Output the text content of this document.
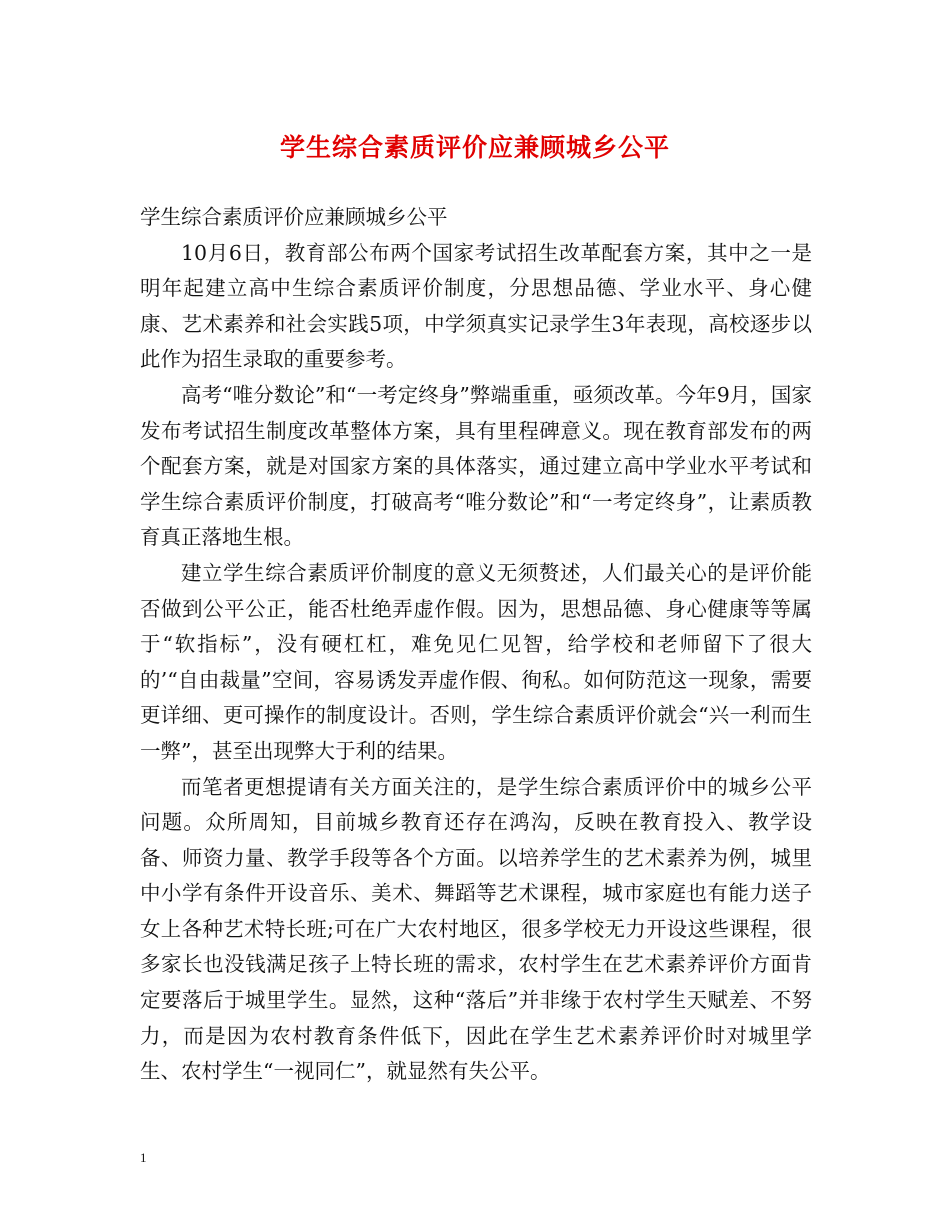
学生综合素质评价应兼顾城乡公平

学生综合素质评价应兼顾城乡公平

10月6日，教育部公布两个国家考试招生改革配套方案，其中之一是明年起建立高中生综合素质评价制度，分思想品德、学业水平、身心健康、艺术素养和社会实践5项，中学须真实记录学生3年表现，高校逐步以此作为招生录取的重要参考。

高考“唯分数论”和“一考定终身”弊端重重，亟须改革。今年9月，国家发布考试招生制度改革整体方案，具有里程碑意义。现在教育部发布的两个配套方案，就是对国家方案的具体落实，通过建立高中学业水平考试和学生综合素质评价制度，打破高考“唯分数论”和“一考定终身”，让素质教育真正落地生根。

建立学生综合素质评价制度的意义无须赘述，人们最关心的是评价能否做到公平公正，能否杜绝弄虚作假。因为，思想品德、身心健康等等属于“软指标”，没有硬杠杠，难免见仁见智，给学校和老师留下了很大的’“自由裁量”空间，容易诱发弄虚作假、徇私。如何防范这一现象，需要更详细、更可操作的制度设计。否则，学生综合素质评价就会“兴一利而生一弊”，甚至出现弊大于利的结果。

而笔者更想提请有关方面关注的，是学生综合素质评价中的城乡公平问题。众所周知，目前城乡教育还存在鸿沟，反映在教育投入、教学设备、师资力量、教学手段等各个方面。以培养学生的艺术素养为例，城里中小学有条件开设音乐、美术、舞蹈等艺术课程，城市家庭也有能力送子女上各种艺术特长班;可在广大农村地区，很多学校无力开设这些课程，很多家长也没钱满足孩子上特长班的需求，农村学生在艺术素养评价方面肯定要落后于城里学生。显然，这种“落后”并非缘于农村学生天赋差、不努力，而是因为农村教育条件低下，因此在学生艺术素养评价时对城里学生、农村学生“一视同仁”，就显然有失公平。

1
